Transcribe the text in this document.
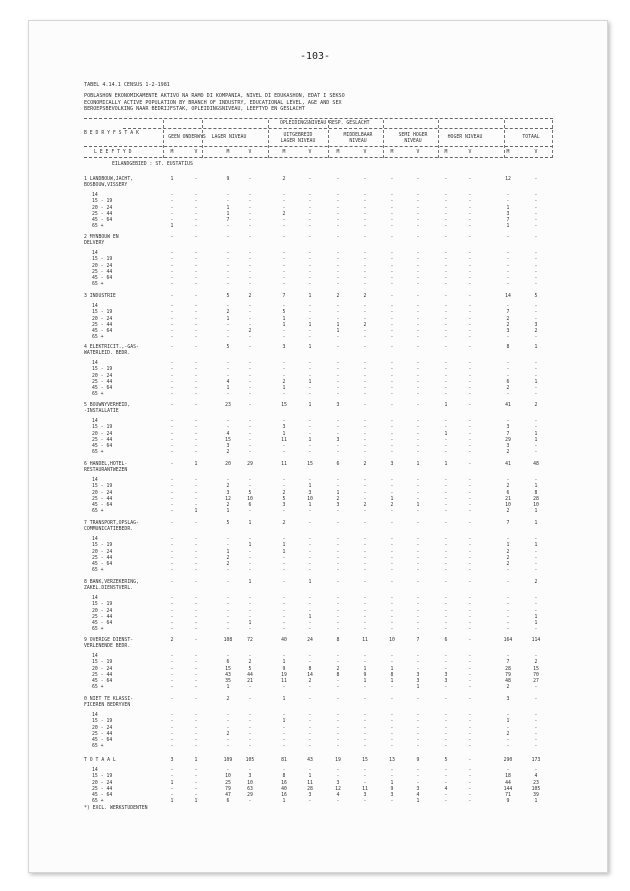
-103-
TABEL 4.14.1 CENSUS 1-2-1981
POBLASHON EKONOMIKAMENTE AKTIVO NA RAMO DI KOMPANIA, NIVEL DI EDUKASHON, EDAT I SEKSO
ECONOMICALLY ACTIVE POPULATION BY BRANCH OF INDUSTRY, EDUCATIONAL LEVEL, AGE AND SEX
BEROEPSBEVOLKING NAAR BEDRIJFSTAK, OPLEIDINGSNIVEAU, LEEFTYD EN GESLACHT
B E D R Y F S T A K
L E E F T Y D
OPLEIDINGSNIVEAU RESP. GESLACHT
EILANDGEBIED : ST. EUSTATIUS
*) EXCL. WERKSTUDENTEN
GEEN ONDERWYS	LAGER NIVEAU	UITGEBREID
LAGER NIVEAU
MIDDELBAAR
NIVEAU
SEMI HOGER
NIVEAU
HOGER NIVEAU	TOTAAL
M	V	M	V	M	V	M	V	M	V	M	V	M	V
1 LANDBOUW,JACHT,
BOSBOUW,VISSERY
1	-	9	-	2	-	-	-	-	-	-	-	12	-
14	-	-	-	-	-	-	-	-	-	-	-	-	-	-
15 - 19	-	-	-	-	-	-	-	-	-	-	-	-	-	-
20 - 24	-	-	1	-	-	-	-	-	-	-	-	-	1	-
25 - 44	-	-	1	-	2	-	-	-	-	-	-	-	3	-
45 - 64	-	-	7	-	-	-	-	-	-	-	-	-	7	-
65 +	1	-	-	-	-	-	-	-	-	-	-	-	1	-
2 MYNBOUW EN
DELVERY
-	-	-	-	-	-	-	-	-	-	-	-	-	-
14	-	-	-	-	-	-	-	-	-	-	-	-	-	-
15 - 19	-	-	-	-	-	-	-	-	-	-	-	-	-	-
20 - 24	-	-	-	-	-	-	-	-	-	-	-	-	-	-
25 - 44	-	-	-	-	-	-	-	-	-	-	-	-	-	-
45 - 64	-	-	-	-	-	-	-	-	-	-	-	-	-	-
65 +	-	-	-	-	-	-	-	-	-	-	-	-	-	-
3 INDUSTRIE	-	-	5	2	7	1	2	2	-	-	-	-	14	5
14	-	-	-	-	-	-	-	-	-	-	-	-	-	-
15 - 19	-	-	2	-	5	-	-	-	-	-	-	-	7	-
20 - 24	-	-	1	-	1	-	-	-	-	-	-	-	2	-
25 - 44	-	-	-	-	1	1	1	2	-	-	-	-	2	3
45 - 64	-	-	-	2	-	-	1	-	-	-	-	-	3	2
65 +	-	-	-	-	-	-	-	-	-	-	-	-	-	-
4 ELEKTRICIT.,-GAS-
WATERLEID. BEDR.
-	-	5	-	3	1	-	-	-	-	-	-	8	1
14	-	-	-	-	-	-	-	-	-	-	-	-	-	-
15 - 19	-	-	-	-	-	-	-	-	-	-	-	-	-	-
20 - 24	-	-	-	-	-	-	-	-	-	-	-	-	-	-
25 - 44	-	-	4	-	2	1	-	-	-	-	-	-	6	1
45 - 64	-	-	1	-	1	-	-	-	-	-	-	-	2	-
65 +	-	-	-	-	-	-	-	-	-	-	-	-	-	-
5 BOUWNYVERHEID,
-INSTALLATIE
-	-	23	-	15	1	3	-	-	-	1	-	41	2
14	-	-	-	-	-	-	-	-	-	-	-	-	-	-
15 - 19	-	-	-	-	3	-	-	-	-	-	-	-	3	-
20 - 24	-	-	4	-	1	-	-	-	-	-	1	-	7	1
25 - 44	-	-	15	-	11	1	3	-	-	-	-	-	29	1
45 - 64	-	-	3	-	-	-	-	-	-	-	-	-	3	-
65 +	-	-	2	-	-	-	-	-	-	-	-	-	2	-
6 HANDEL,HOTEL-
RESTAURANTWEZEN
-	1	20	29	11	15	6	2	3	1	1	-	41	48
14	-	-	-	-	-	-	-	-	-	-	-	-	-	-
15 - 19	-	-	2	-	-	1	-	-	-	-	-	-	2	1
20 - 24	-	-	3	5	2	3	1	-	-	-	-	-	6	8
25 - 44	-	-	12	10	5	10	2	-	1	-	-	-	21	28
45 - 64	-	-	2	6	3	1	3	2	2	1	-	-	10	10
65 +	-	1	1	-	-	-	-	-	-	-	-	-	2	1
7 TRANSPORT,OPSLAG-
COMMUNICATIEBEDR.
-	-	5	1	2	-	-	-	-	-	-	-	7	1
14	-	-	-	-	-	-	-	-	-	-	-	-	-	-
15 - 19	-	-	-	1	1	-	-	-	-	-	-	-	1	1
20 - 24	-	-	1	-	1	-	-	-	-	-	-	-	2	-
25 - 44	-	-	2	-	-	-	-	-	-	-	-	-	2	-
45 - 64	-	-	2	-	-	-	-	-	-	-	-	-	2	-
65 +	-	-	-	-	-	-	-	-	-	-	-	-	-	-
8 BANK,VERZEKERING,
ZAKEL.DIENSTVERL.
-	-	-	1	-	1	-	-	-	-	-	-	-	2
14	-	-	-	-	-	-	-	-	-	-	-	-	-	-
15 - 19	-	-	-	-	-	-	-	-	-	-	-	-	-	-
20 - 24	-	-	-	-	-	-	-	-	-	-	-	-	-	-
25 - 44	-	-	-	-	-	1	-	-	-	-	-	-	-	1
45 - 64	-	-	-	1	-	-	-	-	-	-	-	-	-	1
65 +	-	-	-	-	-	-	-	-	-	-	-	-	-	-
9 OVERIGE DIENST-
VERLENENDE BEDR.
2	-	108	72	40	24	8	11	10	7	6	-	164	114
14	-	-	-	-	-	-	-	-	-	-	-	-	-	-
15 - 19	-	-	6	2	1	-	-	-	-	-	-	-	7	2
20 - 24	-	-	15	5	9	8	2	1	1	-	-	-	28	15
25 - 44	-	-	43	44	19	14	8	9	8	3	3	-	79	70
45 - 64	-	-	35	21	11	2	-	1	1	3	3	-	48	27
65 +	-	-	1	-	-	-	-	-	-	1	-	-	2	-
0 NIET TE KLASSI-
FICEREN BEDRYVEN
-	-	2	-	1	-	-	-	-	-	-	-	3	-
14	-	-	-	-	-	-	-	-	-	-	-	-	-	-
15 - 19	-	-	-	-	1	-	-	-	-	-	-	-	1	-
20 - 24	-	-	-	-	-	-	-	-	-	-	-	-	-	-
25 - 44	-	-	2	-	-	-	-	-	-	-	-	-	2	-
45 - 64	-	-	-	-	-	-	-	-	-	-	-	-	-	-
65 +	-	-	-	-	-	-	-	-	-	-	-	-	-	-
T O T A A L	3	1	109	105	81	43	19	15	13	9	5	-	290	173
14	-	-	-	-	-	-	-	-	-	-	-	-	-	-
15 - 19	-	-	10	3	8	1	-	-	-	-	-	-	18	4
20 - 24	1	-	25	10	16	11	3	-	1	-	-	-	44	23
25 - 44	-	-	79	63	40	28	12	11	9	3	4	-	144	105
45 - 64	-	-	47	29	16	3	4	3	3	4	-	-	71	39
65 +	1	1	6	-	1	-	-	-	-	1	-	-	9	1
